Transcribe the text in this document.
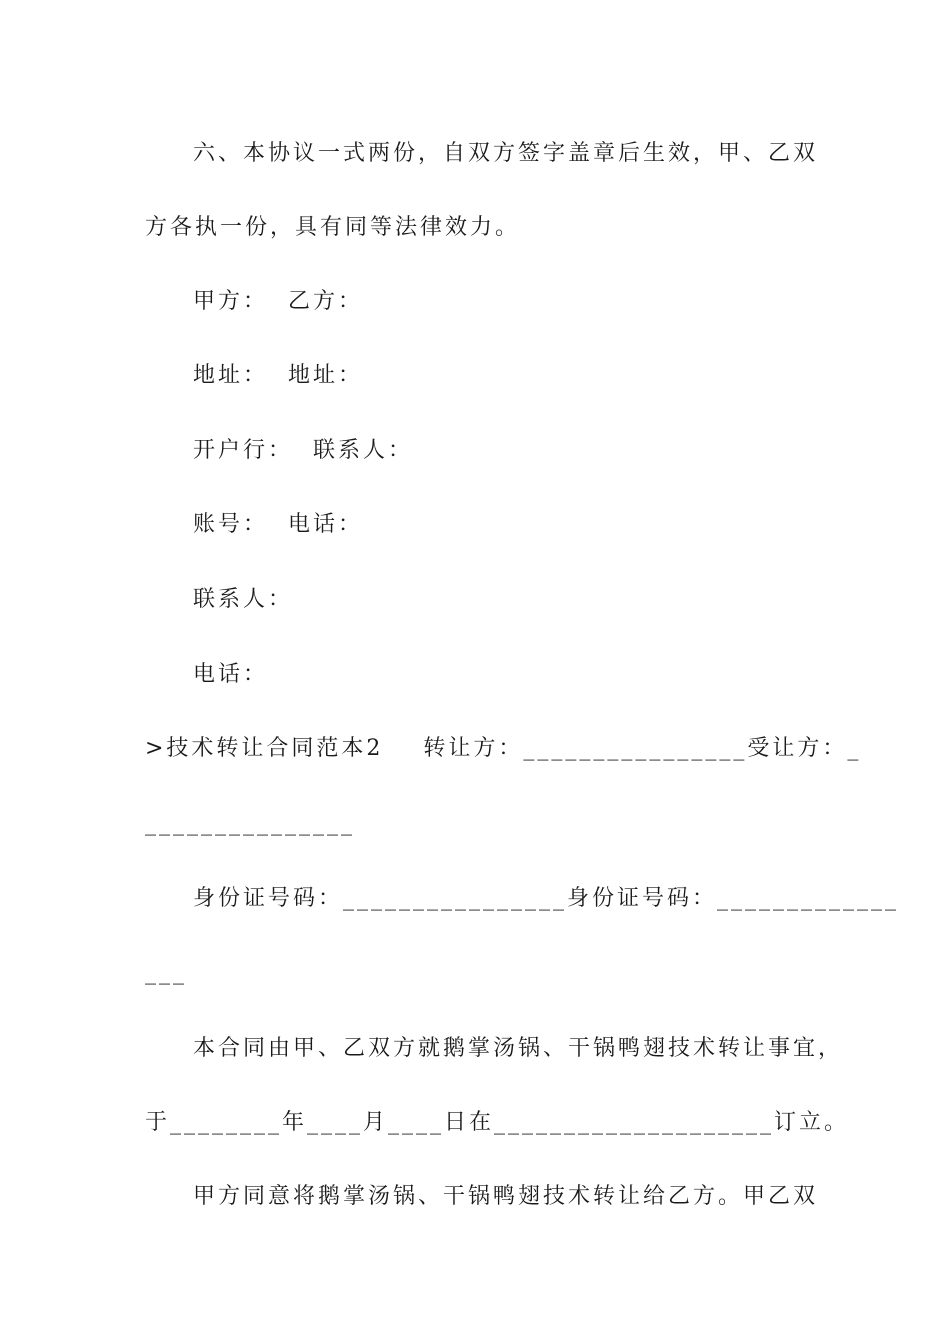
六、本协议一式两份，自双方签字盖章后生效，甲、乙双
方各执一份，具有同等法律效力。
甲方：  乙方：
地址：  地址：
开户行：  联系人：
账号：  电话：
联系人：
电话：
>技术转让合同范本2    转让方：________________受让方：_
_______________
身份证号码：________________身份证号码：_____________
___
本合同由甲、乙双方就鹅掌汤锅、干锅鸭翅技术转让事宜，
于________年____月____日在____________________订立。
甲方同意将鹅掌汤锅、干锅鸭翅技术转让给乙方。甲乙双
